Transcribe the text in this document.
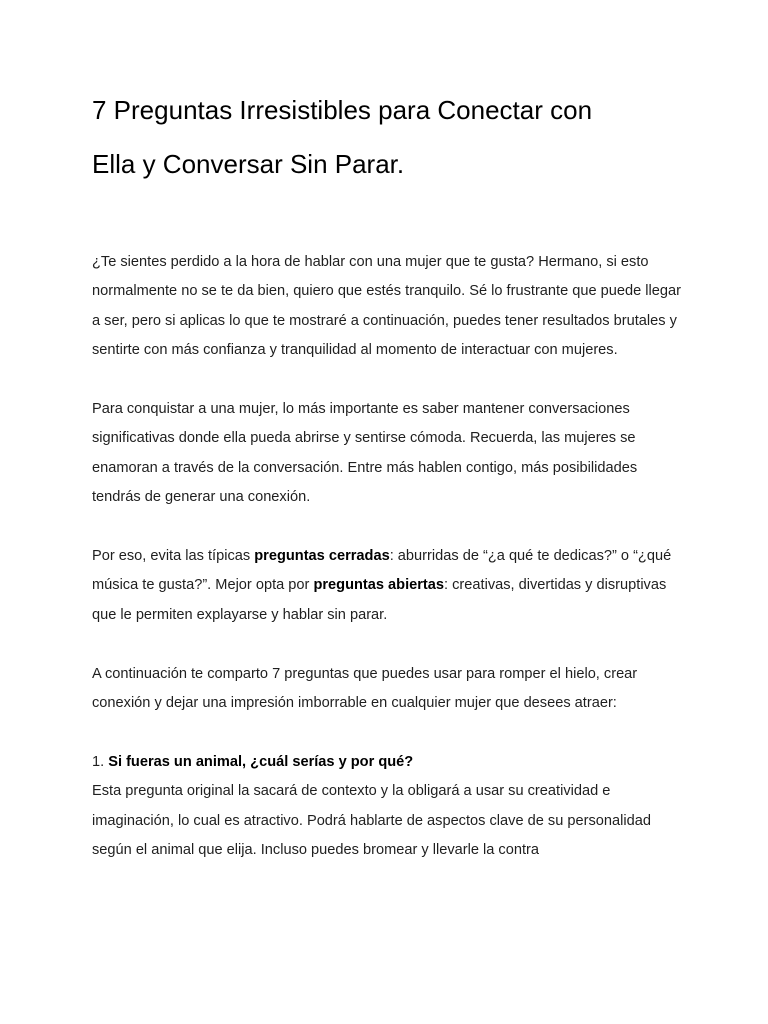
7 Preguntas Irresistibles para Conectar con
Ella y Conversar Sin Parar.

¿Te sientes perdido a la hora de hablar con una mujer que te gusta? Hermano, si esto normalmente no se te da bien, quiero que estés tranquilo. Sé lo frustrante que puede llegar a ser, pero si aplicas lo que te mostraré a continuación, puedes tener resultados brutales y sentirte con más confianza y tranquilidad al momento de interactuar con mujeres.

Para conquistar a una mujer, lo más importante es saber mantener conversaciones significativas donde ella pueda abrirse y sentirse cómoda. Recuerda, las mujeres se enamoran a través de la conversación. Entre más hablen contigo, más posibilidades tendrás de generar una conexión.

Por eso, evita las típicas preguntas cerradas: aburridas de “¿a qué te dedicas?” o “¿qué música te gusta?”. Mejor opta por preguntas abiertas: creativas, divertidas y disruptivas que le permiten explayarse y hablar sin parar.

A continuación te comparto 7 preguntas que puedes usar para romper el hielo, crear conexión y dejar una impresión imborrable en cualquier mujer que desees atraer:

1. Si fueras un animal, ¿cuál serías y por qué?

Esta pregunta original la sacará de contexto y la obligará a usar su creatividad e imaginación, lo cual es atractivo. Podrá hablarte de aspectos clave de su personalidad según el animal que elija. Incluso puedes bromear y llevarle la contra
